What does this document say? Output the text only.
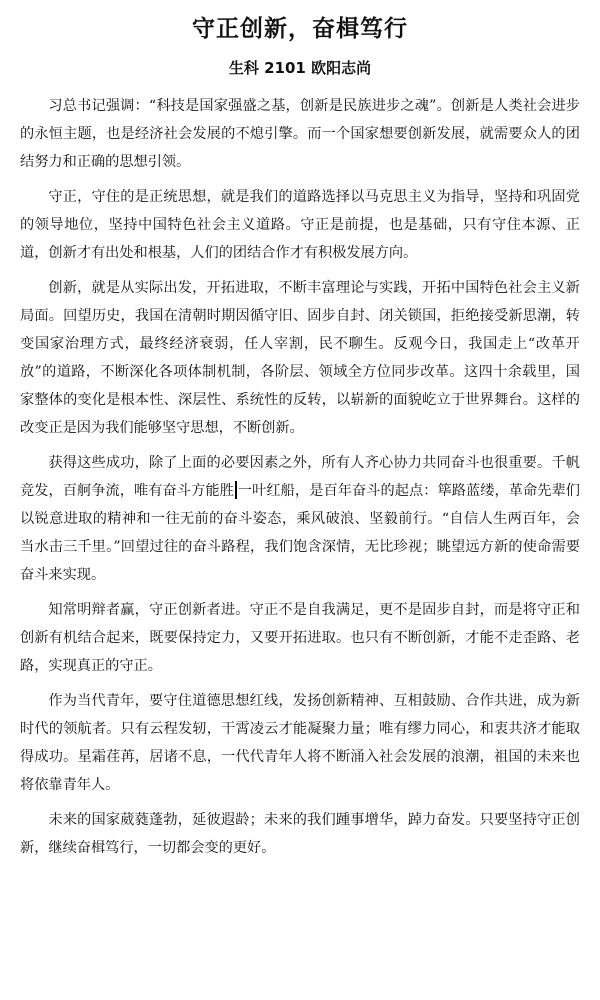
守正创新，奋楫笃行
生科 2101 欧阳志尚

习总书记强调：“科技是国家强盛之基，创新是民族进步之魂”。创新是人类社会进步的永恒主题，也是经济社会发展的不熄引擎。而一个国家想要创新发展，就需要众人的团结努力和正确的思想引领。

守正，守住的是正统思想，就是我们的道路选择以马克思主义为指导，坚持和巩固党的领导地位，坚持中国特色社会主义道路。守正是前提，也是基础，只有守住本源、正道，创新才有出处和根基，人们的团结合作才有积极发展方向。

创新，就是从实际出发，开拓进取，不断丰富理论与实践，开拓中国特色社会主义新局面。回望历史，我国在清朝时期因循守旧、固步自封、闭关锁国，拒绝接受新思潮，转变国家治理方式，最终经济衰弱，任人宰割，民不聊生。反观今日，我国走上“改革开放”的道路，不断深化各项体制机制，各阶层、领域全方位同步改革。这四十余载里，国家整体的变化是根本性、深层性、系统性的反转，以崭新的面貌屹立于世界舞台。这样的改变正是因为我们能够坚守思想，不断创新。

获得这些成功，除了上面的必要因素之外，所有人齐心协力共同奋斗也很重要。千帆竞发，百舸争流，唯有奋斗方能胜 一叶红船，是百年奋斗的起点：筚路蓝缕，革命先辈们以锐意进取的精神和一往无前的奋斗姿态，乘风破浪、坚毅前行。“自信人生两百年，会当水击三千里。”回望过往的奋斗路程，我们饱含深情，无比珍视；眺望远方新的使命需要奋斗来实现。

知常明辩者赢，守正创新者进。守正不是自我满足，更不是固步自封，而是将守正和创新有机结合起来，既要保持定力，又要开拓进取。也只有不断创新，才能不走歪路、老路，实现真正的守正。

作为当代青年，要守住道德思想红线，发扬创新精神、互相鼓励、合作共进，成为新时代的领航者。只有云程发轫，干霄凌云才能凝聚力量；唯有缪力同心，和衷共济才能取得成功。星霜荏苒，居诸不息，一代代青年人将不断涌入社会发展的浪潮，祖国的未来也将依靠青年人。

未来的国家葳蕤蓬勃，延彼遐龄；未来的我们踵事增华，踔力奋发。只要坚持守正创新，继续奋楫笃行，一切都会变的更好。
